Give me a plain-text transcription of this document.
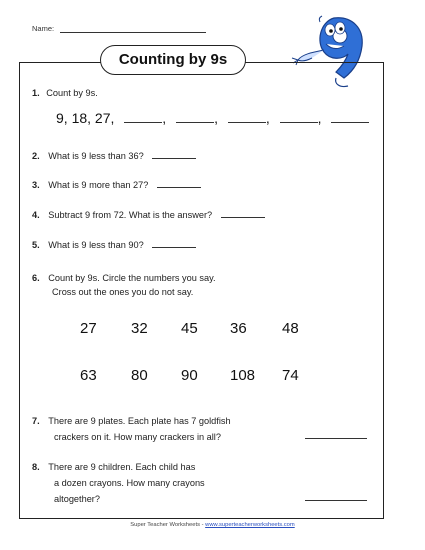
Name:
Counting by 9s
1. Count by 9s.
9, 18, 27,	,	,	,	,
2. What is 9 less than 36?
3. What is 9 more than 27?
4. Subtract 9 from 72. What is the answer?
5. What is 9 less than 90?
6. Count by 9s. Circle the numbers you say.
Cross out the ones you do not say.
27 32 45 36 48
63 80 90 108 74
7. There are 9 plates. Each plate has 7 goldfish
crackers on it. How many crackers in all?
8. There are 9 children. Each child has
a dozen crayons. How many crayons
altogether?
Super Teacher Worksheets - www.superteacherworksheets.com
